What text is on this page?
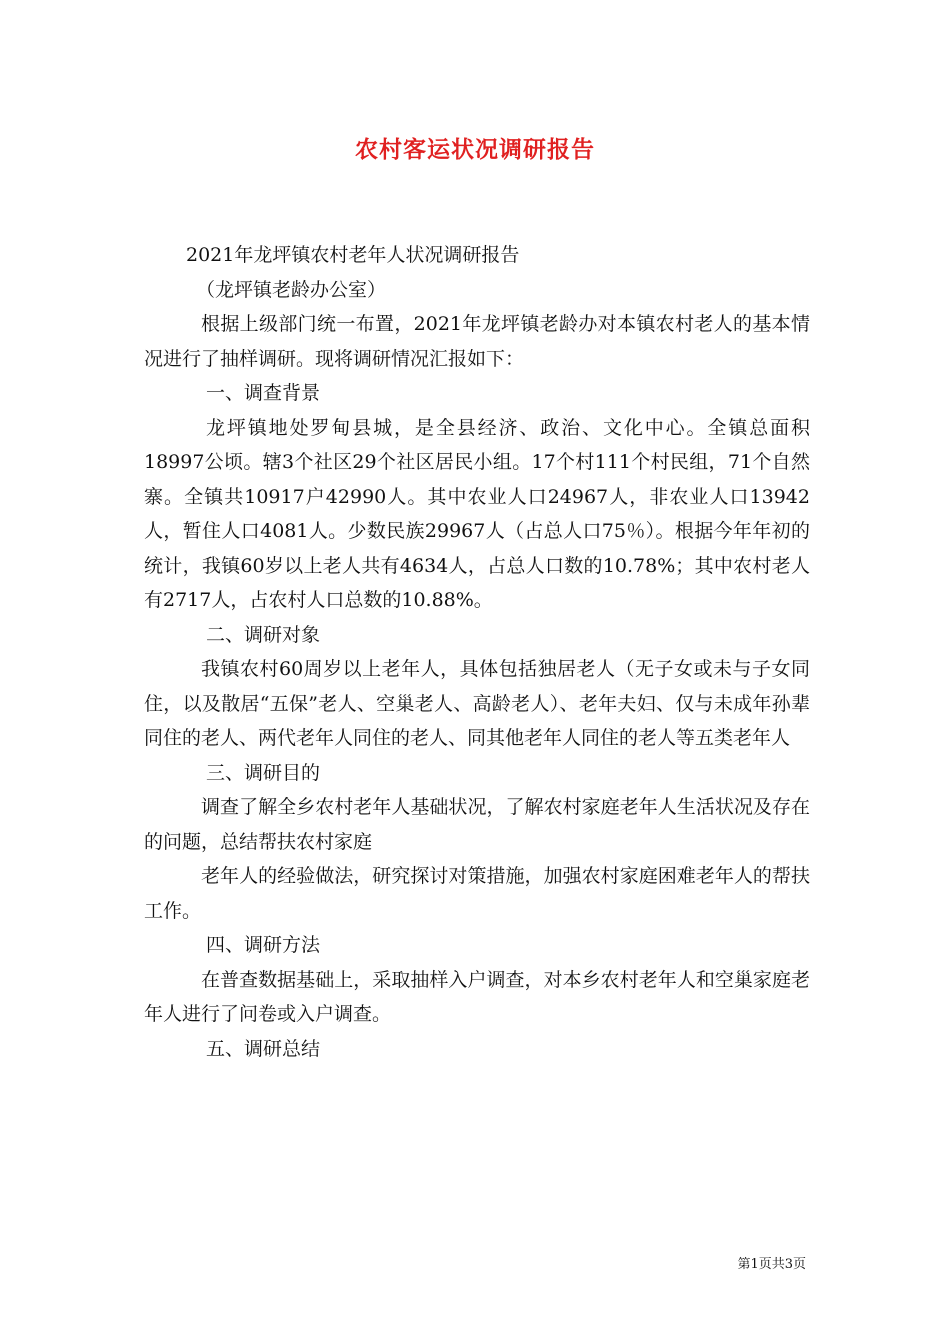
农村客运状况调研报告

2021年龙坪镇农村老年人状况调研报告

（龙坪镇老龄办公室）

根据上级部门统一布置，2021年龙坪镇老龄办对本镇农村老人的基本情况进行了抽样调研。现将调研情况汇报如下：

一、调查背景

龙坪镇地处罗甸县城，是全县经济、政治、文化中心。全镇总面积18997公顷。辖3个社区29个社区居民小组。17个村111个村民组，71个自然寨。全镇共10917户42990人。其中农业人口24967人，非农业人口13942人，暂住人口4081人。少数民族29967人（占总人口75％）。根据今年年初的统计，我镇60岁以上老人共有4634人，占总人口数的10.78%；其中农村老人有2717人，占农村人口总数的10.88%。

二、调研对象

我镇农村60周岁以上老年人，具体包括独居老人（无子女或未与子女同住，以及散居“五保”老人、空巢老人、高龄老人）、老年夫妇、仅与未成年孙辈同住的老人、两代老年人同住的老人、同其他老年人同住的老人等五类老年人

三、调研目的

调查了解全乡农村老年人基础状况，了解农村家庭老年人生活状况及存在的问题，总结帮扶农村家庭

老年人的经验做法，研究探讨对策措施，加强农村家庭困难老年人的帮扶工作。

四、调研方法

在普查数据基础上，采取抽样入户调查，对本乡农村老年人和空巢家庭老年人进行了问卷或入户调查。

五、调研总结

第1页共3页
